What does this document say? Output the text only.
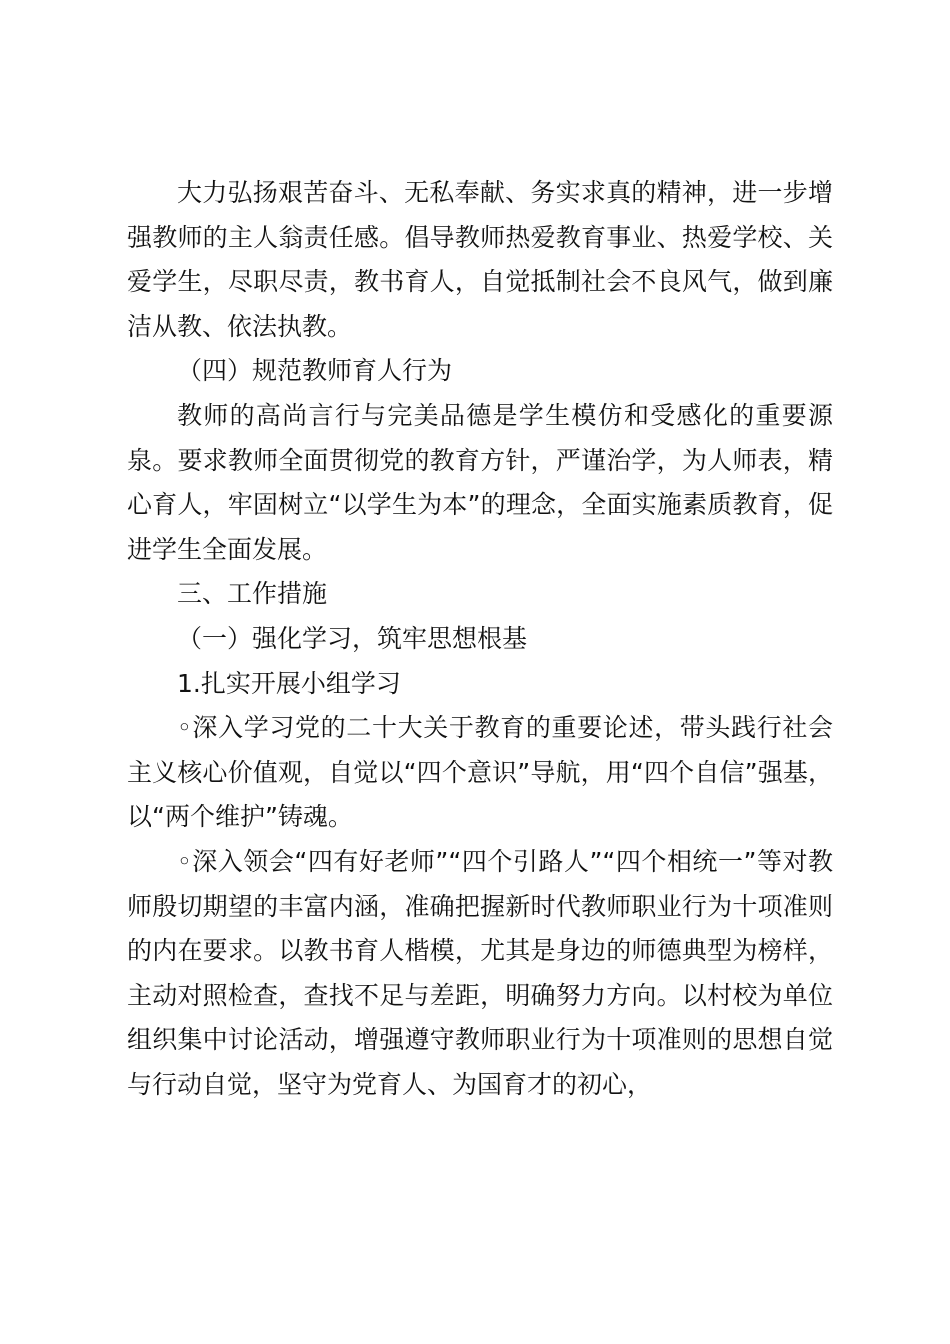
大力弘扬艰苦奋斗、无私奉献、务实求真的精神，进一步增强教师的主人翁责任感。倡导教师热爱教育事业、热爱学校、关爱学生，尽职尽责，教书育人，自觉抵制社会不良风气，做到廉洁从教、依法执教。

（四）规范教师育人行为

教师的高尚言行与完美品德是学生模仿和受感化的重要源泉。要求教师全面贯彻党的教育方针，严谨治学，为人师表，精心育人，牢固树立“以学生为本”的理念，全面实施素质教育，促进学生全面发展。

三、工作措施

（一）强化学习，筑牢思想根基

1.扎实开展小组学习

◦深入学习党的二十大关于教育的重要论述，带头践行社会主义核心价值观，自觉以“四个意识”导航，用“四个自信”强基，以“两个维护”铸魂。

◦深入领会“四有好老师”“四个引路人”“四个相统一”等对教师殷切期望的丰富内涵，准确把握新时代教师职业行为十项准则的内在要求。以教书育人楷模，尤其是身边的师德典型为榜样，主动对照检查，查找不足与差距，明确努力方向。以村校为单位组织集中讨论活动，增强遵守教师职业行为十项准则的思想自觉与行动自觉，坚守为党育人、为国育才的初心，
